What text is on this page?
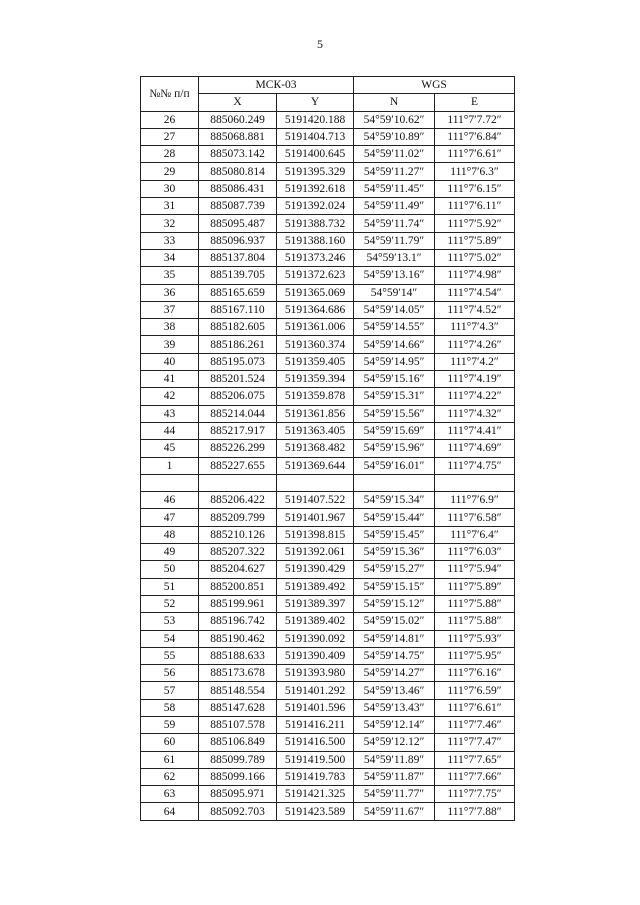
5
№№ п/п	МСК-03		WGS	
	X	Y	N	E
26	885060.249	5191420.188	54°59′10.62″	111°7′7.72″
27	885068.881	5191404.713	54°59′10.89″	111°7′6.84″
28	885073.142	5191400.645	54°59′11.02″	111°7′6.61″
29	885080.814	5191395.329	54°59′11.27″	111°7′6.3″
30	885086.431	5191392.618	54°59′11.45″	111°7′6.15″
31	885087.739	5191392.024	54°59′11.49″	111°7′6.11″
32	885095.487	5191388.732	54°59′11.74″	111°7′5.92″
33	885096.937	5191388.160	54°59′11.79″	111°7′5.89″
34	885137.804	5191373.246	54°59′13.1″	111°7′5.02″
35	885139.705	5191372.623	54°59′13.16″	111°7′4.98″
36	885165.659	5191365.069	54°59′14″	111°7′4.54″
37	885167.110	5191364.686	54°59′14.05″	111°7′4.52″
38	885182.605	5191361.006	54°59′14.55″	111°7′4.3″
39	885186.261	5191360.374	54°59′14.66″	111°7′4.26″
40	885195.073	5191359.405	54°59′14.95″	111°7′4.2″
41	885201.524	5191359.394	54°59′15.16″	111°7′4.19″
42	885206.075	5191359.878	54°59′15.31″	111°7′4.22″
43	885214.044	5191361.856	54°59′15.56″	111°7′4.32″
44	885217.917	5191363.405	54°59′15.69″	111°7′4.41″
45	885226.299	5191368.482	54°59′15.96″	111°7′4.69″
1	885227.655	5191369.644	54°59′16.01″	111°7′4.75″

46	885206.422	5191407.522	54°59′15.34″	111°7′6.9″
47	885209.799	5191401.967	54°59′15.44″	111°7′6.58″
48	885210.126	5191398.815	54°59′15.45″	111°7′6.4″
49	885207.322	5191392.061	54°59′15.36″	111°7′6.03″
50	885204.627	5191390.429	54°59′15.27″	111°7′5.94″
51	885200.851	5191389.492	54°59′15.15″	111°7′5.89″
52	885199.961	5191389.397	54°59′15.12″	111°7′5.88″
53	885196.742	5191389.402	54°59′15.02″	111°7′5.88″
54	885190.462	5191390.092	54°59′14.81″	111°7′5.93″
55	885188.633	5191390.409	54°59′14.75″	111°7′5.95″
56	885173.678	5191393.980	54°59′14.27″	111°7′6.16″
57	885148.554	5191401.292	54°59′13.46″	111°7′6.59″
58	885147.628	5191401.596	54°59′13.43″	111°7′6.61″
59	885107.578	5191416.211	54°59′12.14″	111°7′7.46″
60	885106.849	5191416.500	54°59′12.12″	111°7′7.47″
61	885099.789	5191419.500	54°59′11.89″	111°7′7.65″
62	885099.166	5191419.783	54°59′11.87″	111°7′7.66″
63	885095.971	5191421.325	54°59′11.77″	111°7′7.75″
64	885092.703	5191423.589	54°59′11.67″	111°7′7.88″
